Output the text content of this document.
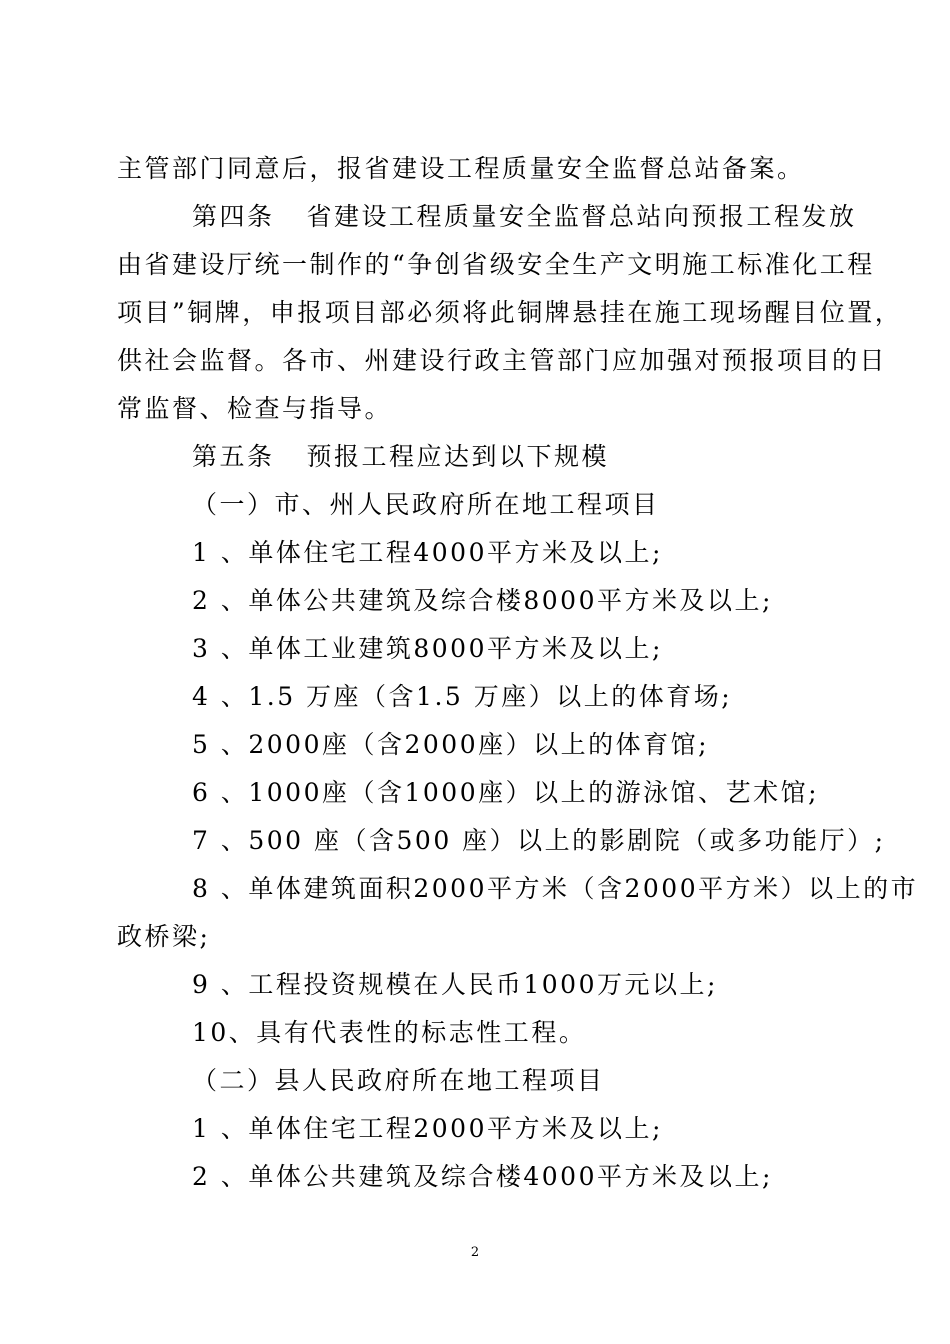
主管部门同意后，报省建设工程质量安全监督总站备案。
第四条 省建设工程质量安全监督总站向预报工程发放
由省建设厅统一制作的“争创省级安全生产文明施工标准化工程
项目”铜牌，申报项目部必须将此铜牌悬挂在施工现场醒目位置，
供社会监督。各市、州建设行政主管部门应加强对预报项目的日
常监督、检查与指导。
第五条 预报工程应达到以下规模
（一）市、州人民政府所在地工程项目
1 、单体住宅工程4000平方米及以上;
2 、单体公共建筑及综合楼8000平方米及以上;
3 、单体工业建筑8000平方米及以上;
4 、1.5 万座（含1.5 万座）以上的体育场;
5 、2000座（含2000座）以上的体育馆;
6 、1000座（含1000座）以上的游泳馆、艺术馆;
7 、500 座（含500 座）以上的影剧院（或多功能厅）;
8 、单体建筑面积2000平方米（含2000平方米）以上的市
政桥梁;
9 、工程投资规模在人民币1000万元以上;
10、具有代表性的标志性工程。
（二）县人民政府所在地工程项目
1 、单体住宅工程2000平方米及以上;
2 、单体公共建筑及综合楼4000平方米及以上;
2
